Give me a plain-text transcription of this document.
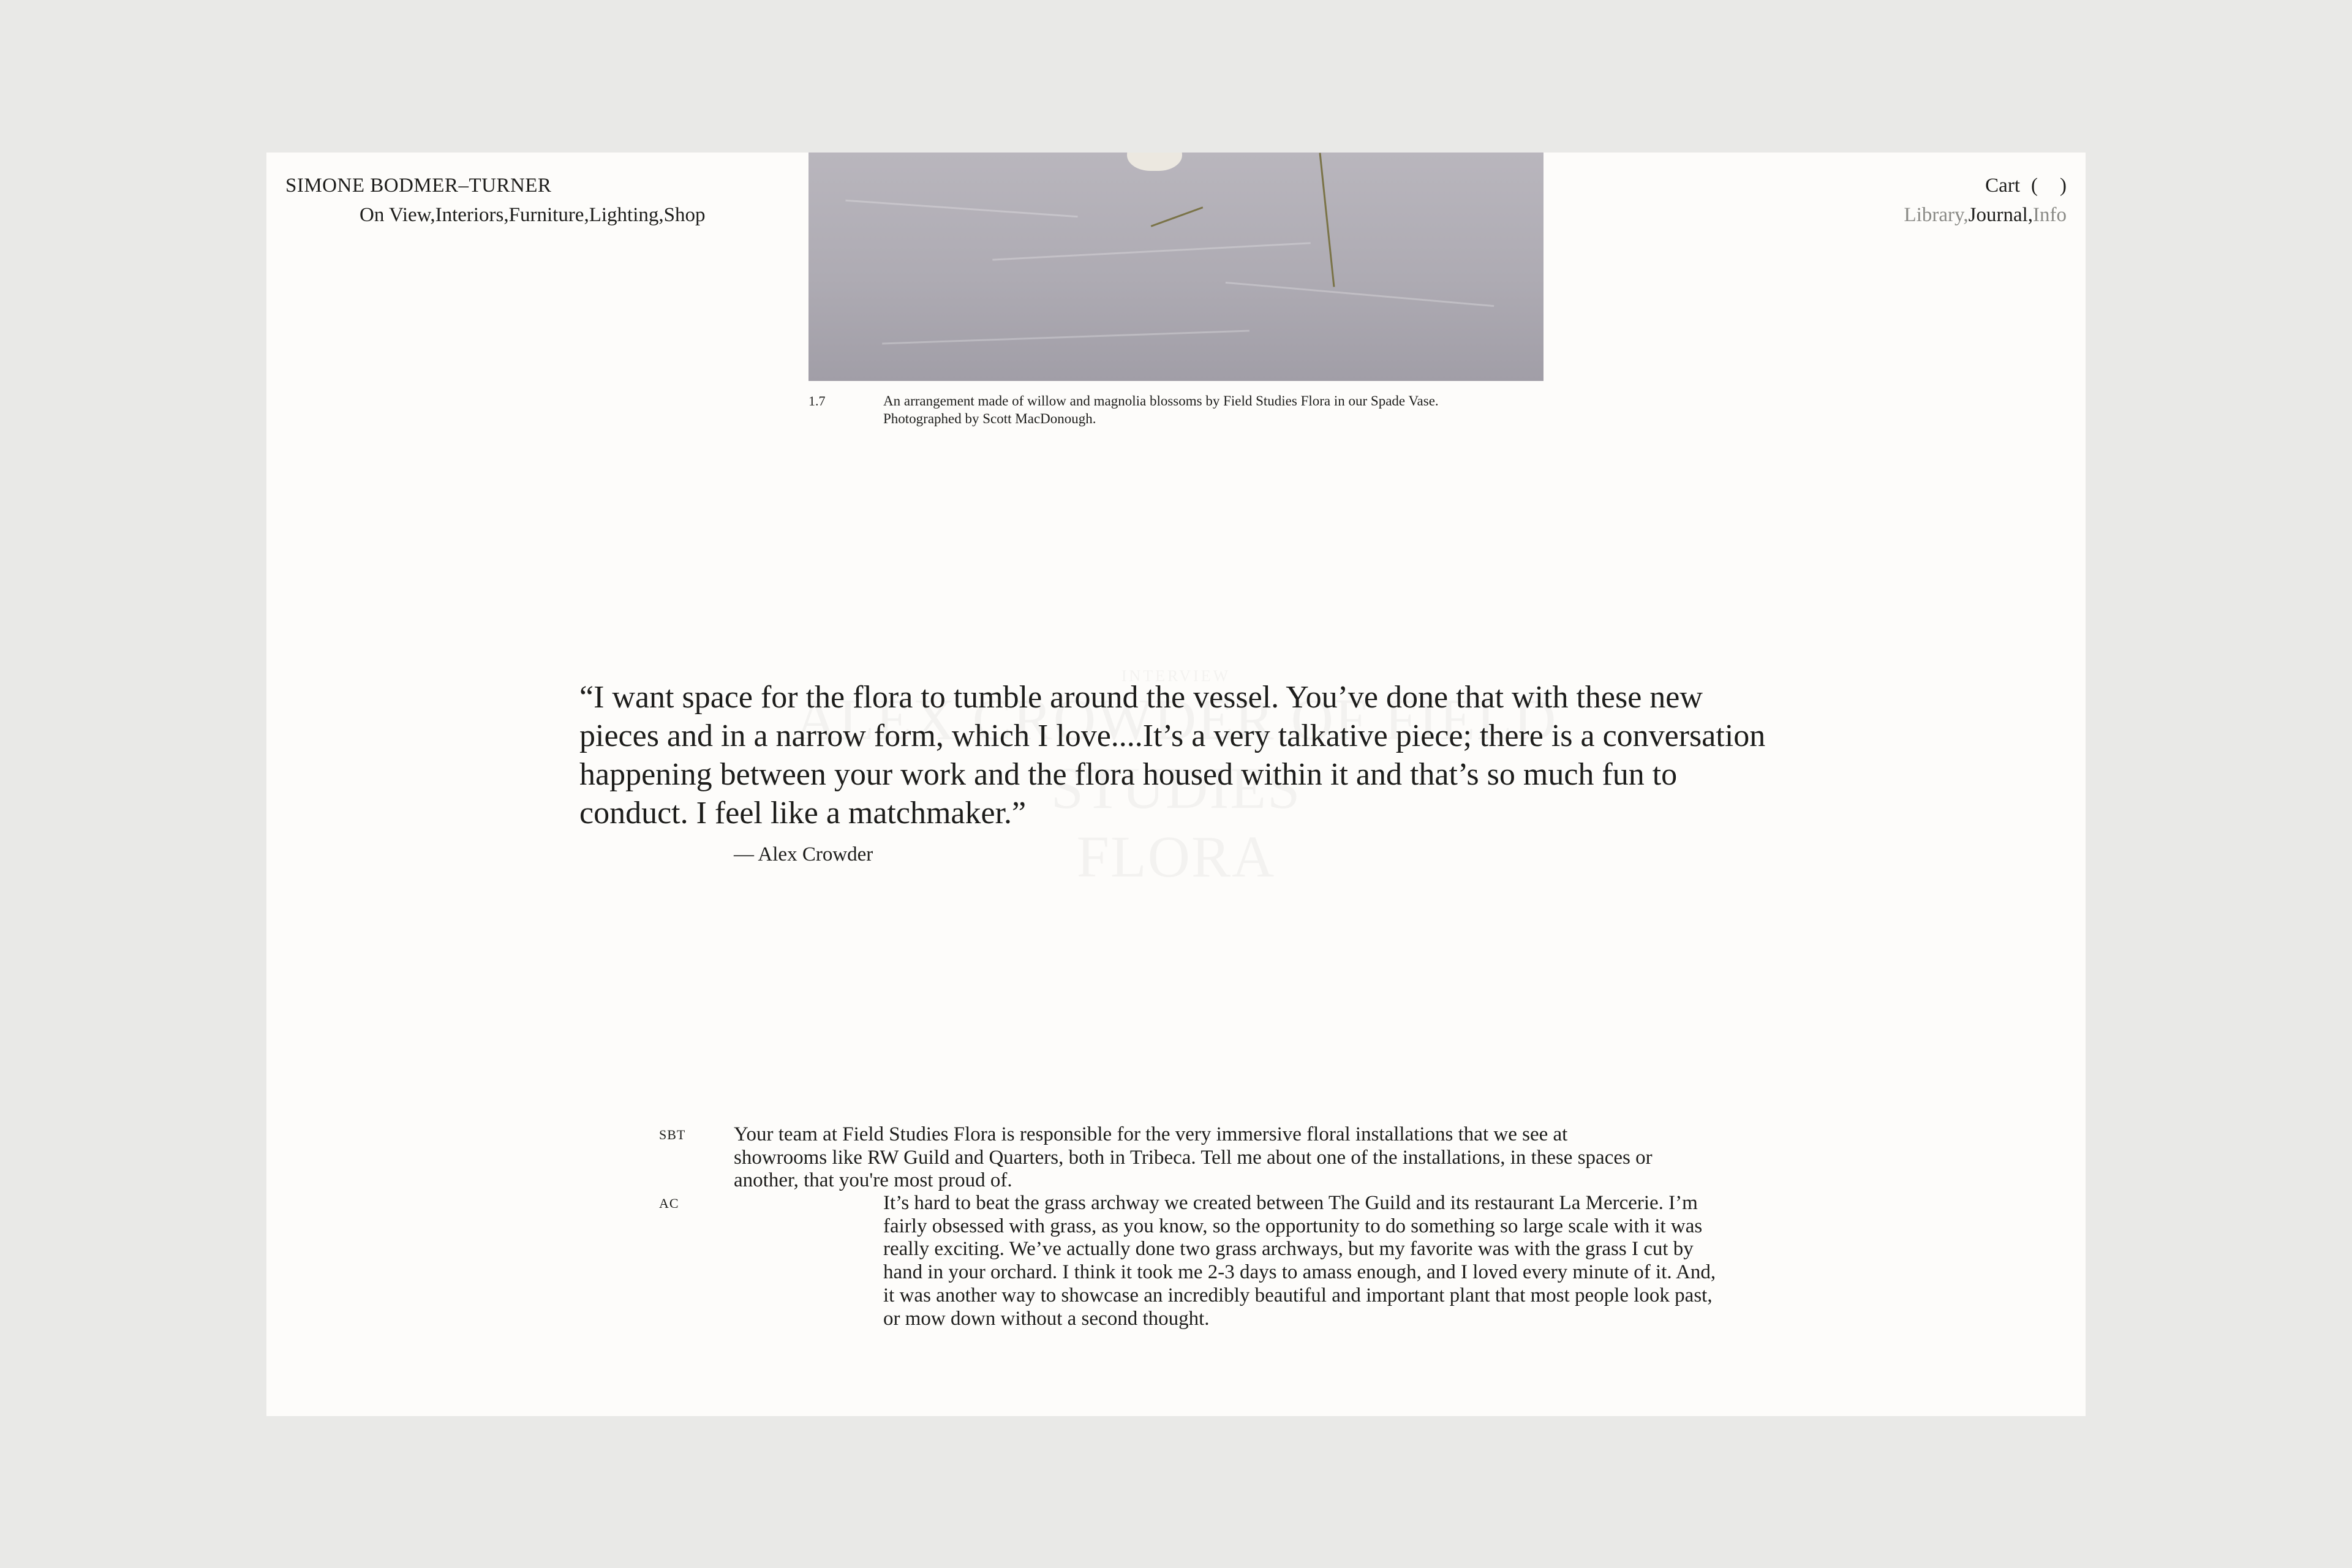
SIMONE BODMER–TURNER
On View, Interiors, Furniture, Lighting, Shop
Cart ( )
Library, Journal, Info
1.7	An arrangement made of willow and magnolia blossoms by Field Studies Flora in our Spade Vase. Photographed by Scott MacDonough.
“I want space for the flora to tumble around the vessel. You’ve done that with these new pieces and in a narrow form, which I love....It’s a very talkative piece; there is a conversation happening between your work and the flora housed within it and that’s so much fun to conduct. I feel like a matchmaker.”
— Alex Crowder
SBT Your team at Field Studies Flora is responsible for the very immersive floral installations that we see at showrooms like RW Guild and Quarters, both in Tribeca. Tell me about one of the installations, in these spaces or another, that you're most proud of.
AC	It’s hard to beat the grass archway we created between The Guild and its restaurant La Mercerie. I’m fairly obsessed with grass, as you know, so the opportunity to do something so large scale with it was really exciting. We’ve actually done two grass archways, but my favorite was with the grass I cut by hand in your orchard. I think it took me 2-3 days to amass enough, and I loved every minute of it. And, it was another way to showcase an incredibly beautiful and important plant that most people look past, or mow down without a second thought.
